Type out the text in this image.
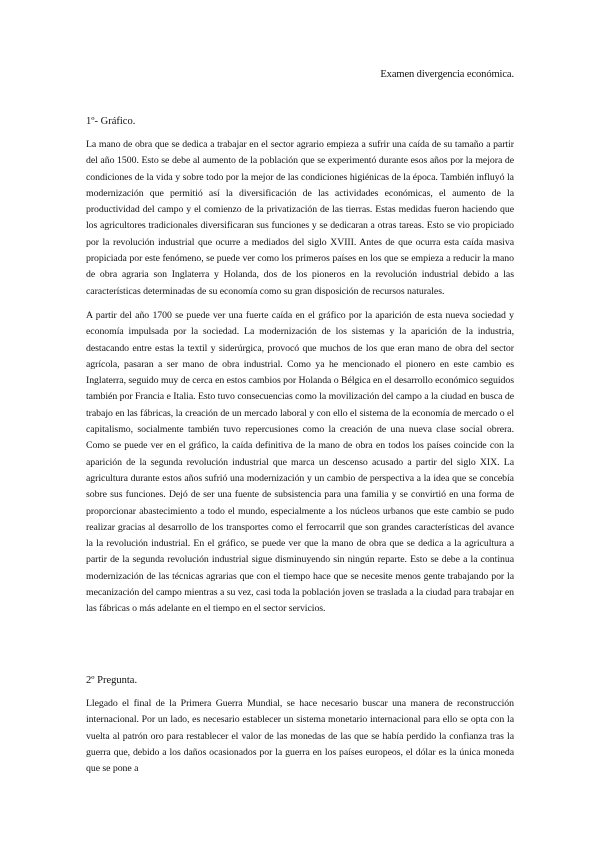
Examen divergencia económica.
1º- Gráfico.

La mano de obra que se dedica a trabajar en el sector agrario empieza a sufrir una caída de su tamaño a partir del año 1500. Esto se debe al aumento de la población que se experimentó durante esos años por la mejora de condiciones de la vida y sobre todo por la mejor de las condiciones higiénicas de la época. También influyó la modernización que permitió así la diversificación de las actividades económicas, el aumento de la productividad del campo y el comienzo de la privatización de las tierras. Estas medidas fueron haciendo que los agricultores tradicionales diversificaran sus funciones y se dedicaran a otras tareas. Esto se vio propiciado por la revolución industrial que ocurre a mediados del siglo XVIII. Antes de que ocurra esta caída masiva propiciada por este fenómeno, se puede ver como los primeros países en los que se empieza a reducir la mano de obra agraria son Inglaterra y Holanda, dos de los pioneros en la revolución industrial debido a las características determinadas de su economía como su gran disposición de recursos naturales.

A partir del año 1700 se puede ver una fuerte caída en el gráfico por la aparición de esta nueva sociedad y economía impulsada por la sociedad. La modernización de los sistemas y la aparición de la industria, destacando entre estas la textil y siderúrgica, provocó que muchos de los que eran mano de obra del sector agrícola, pasaran a ser mano de obra industrial. Como ya he mencionado el pionero en este cambio es Inglaterra, seguido muy de cerca en estos cambios por Holanda o Bélgica en el desarrollo económico seguidos también por Francia e Italia. Esto tuvo consecuencias como la movilización del campo a la ciudad en busca de trabajo en las fábricas, la creación de un mercado laboral y con ello el sistema de la economía de mercado o el capitalismo, socialmente también tuvo repercusiones como la creación de una nueva clase social obrera. Como se puede ver en el gráfico, la caída definitiva de la mano de obra en todos los países coincide con la aparición de la segunda revolución industrial que marca un descenso acusado a partir del siglo XIX. La agricultura durante estos años sufrió una modernización y un cambio de perspectiva a la idea que se concebía sobre sus funciones. Dejó de ser una fuente de subsistencia para una familia y se convirtió en una forma de proporcionar abastecimiento a todo el mundo, especialmente a los núcleos urbanos que este cambio se pudo realizar gracias al desarrollo de los transportes como el ferrocarril que son grandes características del avance la la revolución industrial. En el gráfico, se puede ver que la mano de obra que se dedica a la agricultura a partir de la segunda revolución industrial sigue disminuyendo sin ningún reparte. Esto se debe a la continua modernización de las técnicas agrarias que con el tiempo hace que se necesite menos gente trabajando por la mecanización del campo mientras a su vez, casi toda la población joven se traslada a la ciudad para trabajar en las fábricas o más adelante en el tiempo en el sector servicios.

2º Pregunta.

Llegado el final de la Primera Guerra Mundial, se hace necesario buscar una manera de reconstrucción internacional. Por un lado, es necesario establecer un sistema monetario internacional para ello se opta con la vuelta al patrón oro para restablecer el valor de las monedas de las que se había perdido la confianza tras la guerra que, debido a los daños ocasionados por la guerra en los países europeos, el dólar es la única moneda que se pone a
